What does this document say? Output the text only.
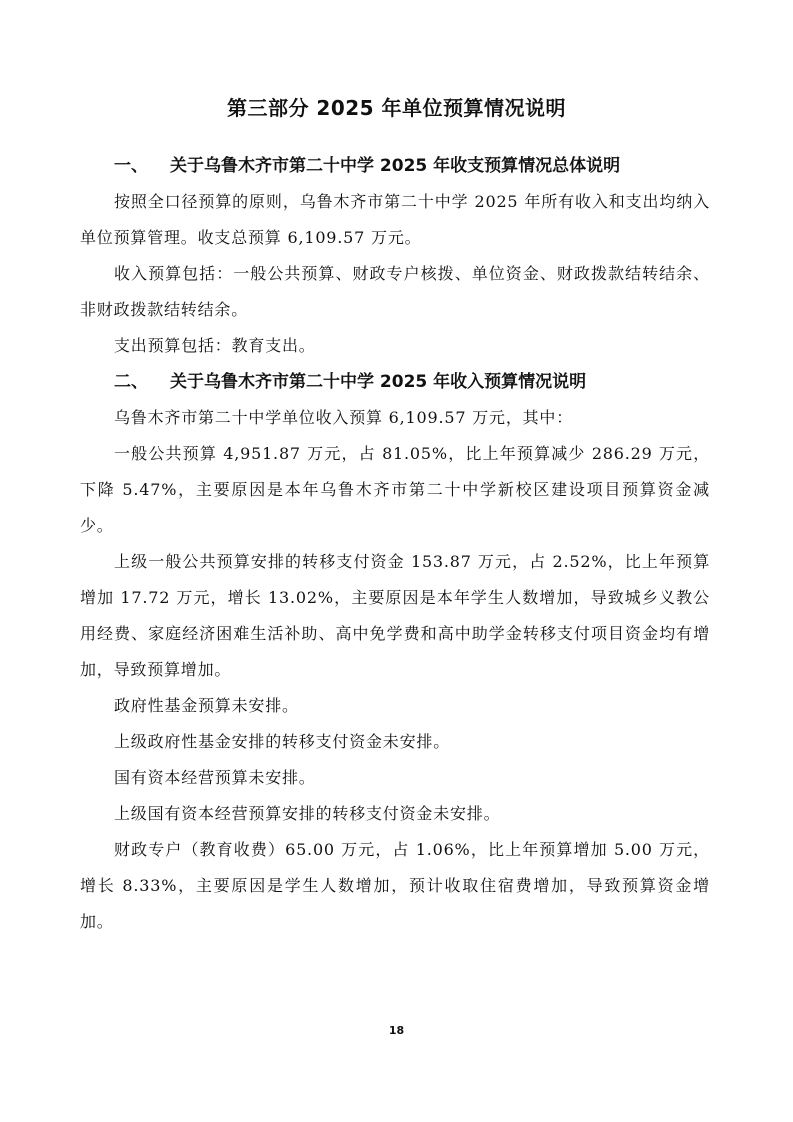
第三部分 2025 年单位预算情况说明
一、 关于乌鲁木齐市第二十中学 2025 年收支预算情况总体说明

按照全口径预算的原则，乌鲁木齐市第二十中学 2025 年所有收入和支出均纳入单位预算管理。收支总预算 6,109.57 万元。

收入预算包括：一般公共预算、财政专户核拨、单位资金、财政拨款结转结余、非财政拨款结转结余。

支出预算包括：教育支出。

二、 关于乌鲁木齐市第二十中学 2025 年收入预算情况说明

乌鲁木齐市第二十中学单位收入预算 6,109.57 万元，其中：

一般公共预算 4,951.87 万元，占 81.05%，比上年预算减少 286.29 万元，下降 5.47%，主要原因是本年乌鲁木齐市第二十中学新校区建设项目预算资金减少。

上级一般公共预算安排的转移支付资金 153.87 万元，占 2.52%，比上年预算增加 17.72 万元，增长 13.02%，主要原因是本年学生人数增加，导致城乡义教公用经费、家庭经济困难生活补助、高中免学费和高中助学金转移支付项目资金均有增加，导致预算增加。

政府性基金预算未安排。

上级政府性基金安排的转移支付资金未安排。

国有资本经营预算未安排。

上级国有资本经营预算安排的转移支付资金未安排。

财政专户（教育收费）65.00 万元，占 1.06%，比上年预算增加 5.00 万元，增长 8.33%，主要原因是学生人数增加，预计收取住宿费增加，导致预算资金增加。

18
